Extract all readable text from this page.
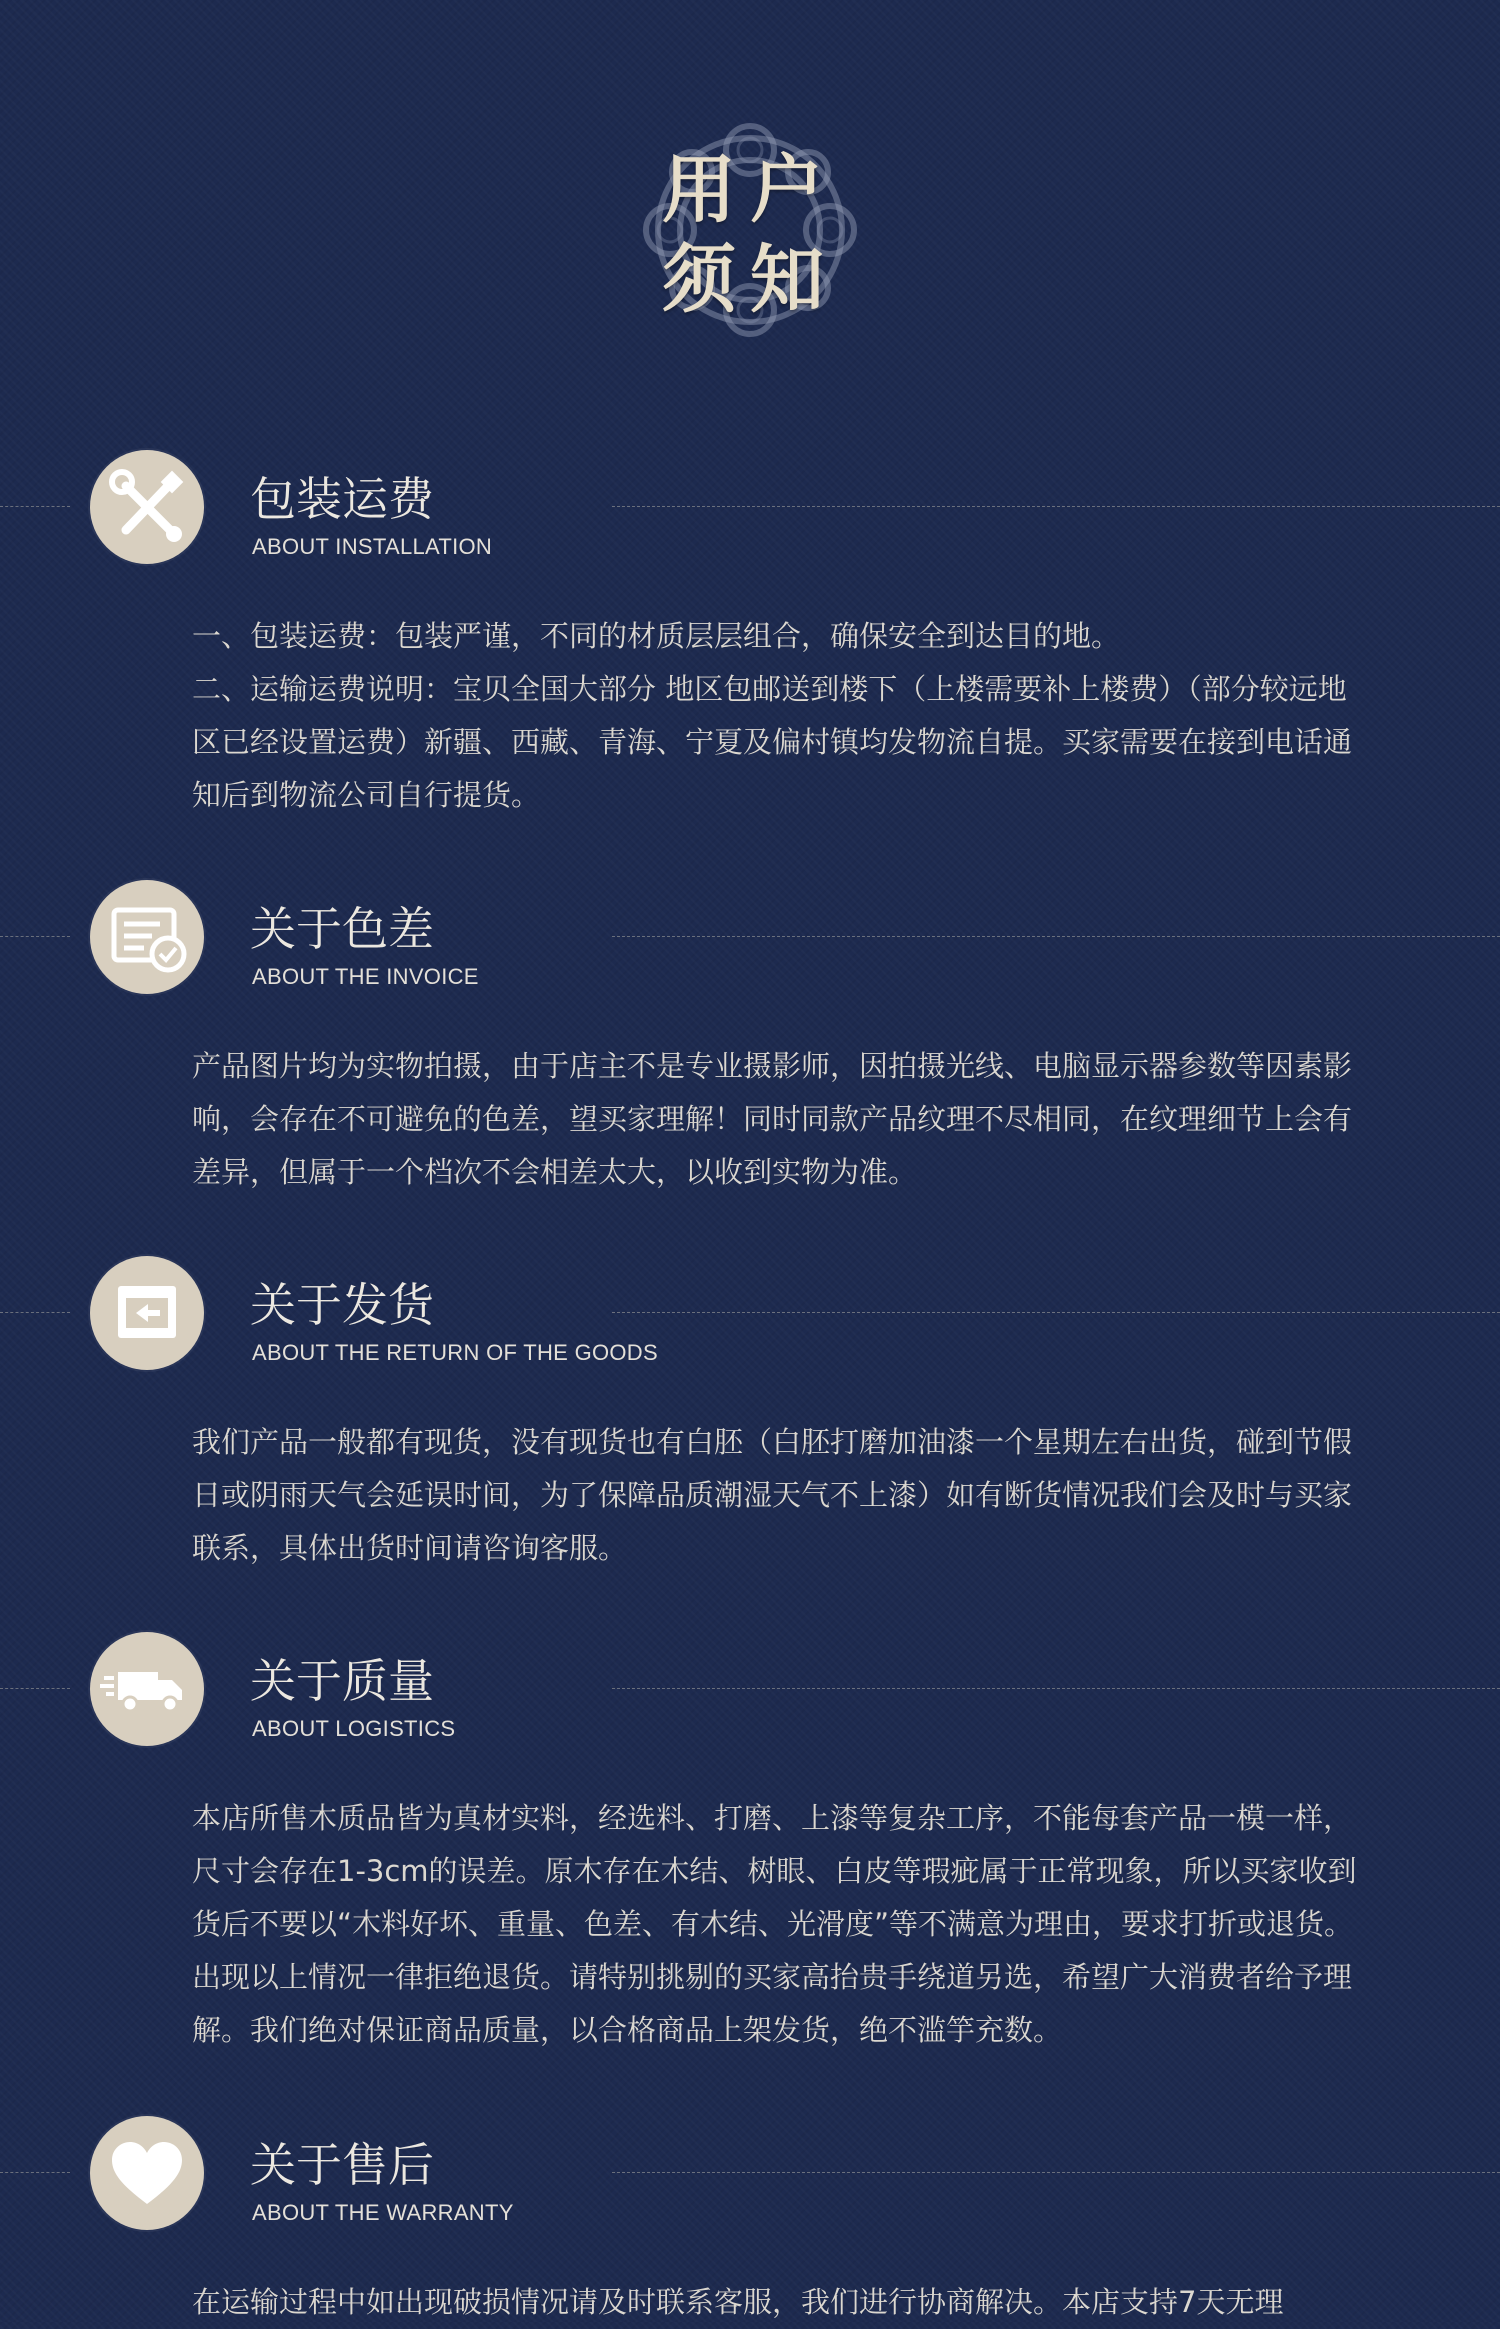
用户
须知
包装运费
ABOUT INSTALLATION

一、包装运费：包装严谨，不同的材质层层组合，确保安全到达目的地。

二、运输运费说明：宝贝全国大部分 地区包邮送到楼下（上楼需要补上楼费）（部分较远地区已经设置运费）新疆、西藏、青海、宁夏及偏村镇均发物流自提。买家需要在接到电话通知后到物流公司自行提货。

关于色差
ABOUT THE INVOICE

产品图片均为实物拍摄，由于店主不是专业摄影师，因拍摄光线、电脑显示器参数等因素影响，会存在不可避免的色差，望买家理解！同时同款产品纹理不尽相同，在纹理细节上会有差异，但属于一个档次不会相差太大，以收到实物为准。

关于发货
ABOUT THE RETURN OF THE GOODS

我们产品一般都有现货，没有现货也有白胚（白胚打磨加油漆一个星期左右出货，碰到节假日或阴雨天气会延误时间，为了保障品质潮湿天气不上漆）如有断货情况我们会及时与买家联系，具体出货时间请咨询客服。

关于质量
ABOUT LOGISTICS

本店所售木质品皆为真材实料，经选料、打磨、上漆等复杂工序，不能每套产品一模一样，尺寸会存在1-3cm的误差。原木存在木结、树眼、白皮等瑕疵属于正常现象，所以买家收到货后不要以“木料好坏、重量、色差、有木结、光滑度”等不满意为理由，要求打折或退货。出现以上情况一律拒绝退货。请特别挑剔的买家高抬贵手绕道另选，希望广大消费者给予理解。我们绝对保证商品质量，以合格商品上架发货，绝不滥竽充数。

关于售后
ABOUT THE WARRANTY

在运输过程中如出现破损情况请及时联系客服，我们进行协商解决。本店支持7天无理
